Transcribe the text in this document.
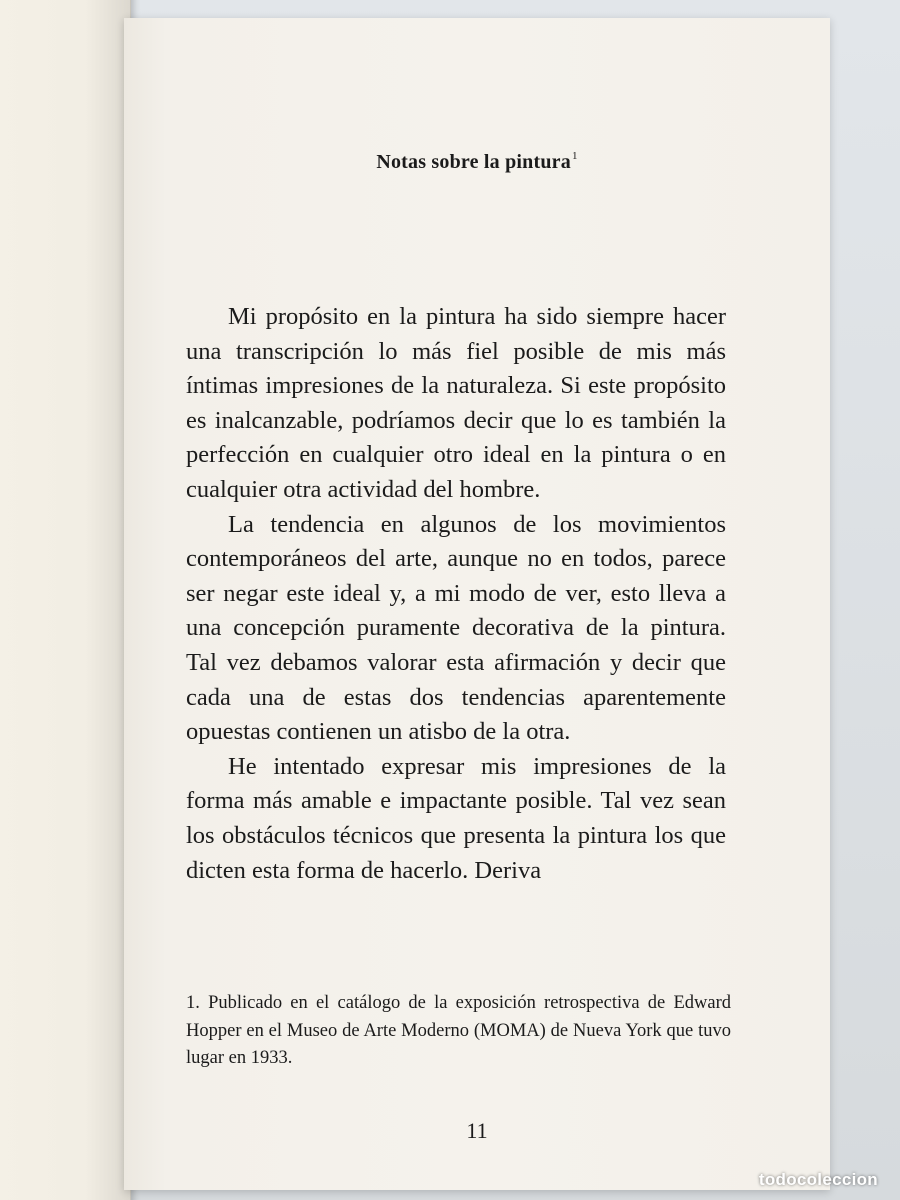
Notas sobre la pintura$^1$

Mi propósito en la pintura ha sido siempre hacer una transcripción lo más fiel posible de mis más íntimas impresiones de la naturaleza. Si este propósito es inalcanzable, podríamos decir que lo es también la perfección en cualquier otro ideal en la pintura o en cualquier otra actividad del hombre.

La tendencia en algunos de los movimientos contemporáneos del arte, aunque no en todos, parece ser negar este ideal y, a mi modo de ver, esto lleva a una concepción puramente decorativa de la pintura. Tal vez debamos valorar esta afirmación y decir que cada una de estas dos tendencias aparentemente opuestas contienen un atisbo de la otra.

He intentado expresar mis impresiones de la forma más amable e impactante posible. Tal vez sean los obstáculos técnicos que presenta la pintura los que dicten esta forma de hacerlo. Deriva

1. Publicado en el catálogo de la exposición retrospectiva de Edward Hopper en el Museo de Arte Moderno (MOMA) de Nueva York que tuvo lugar en 1933.

11

todocoleccion
